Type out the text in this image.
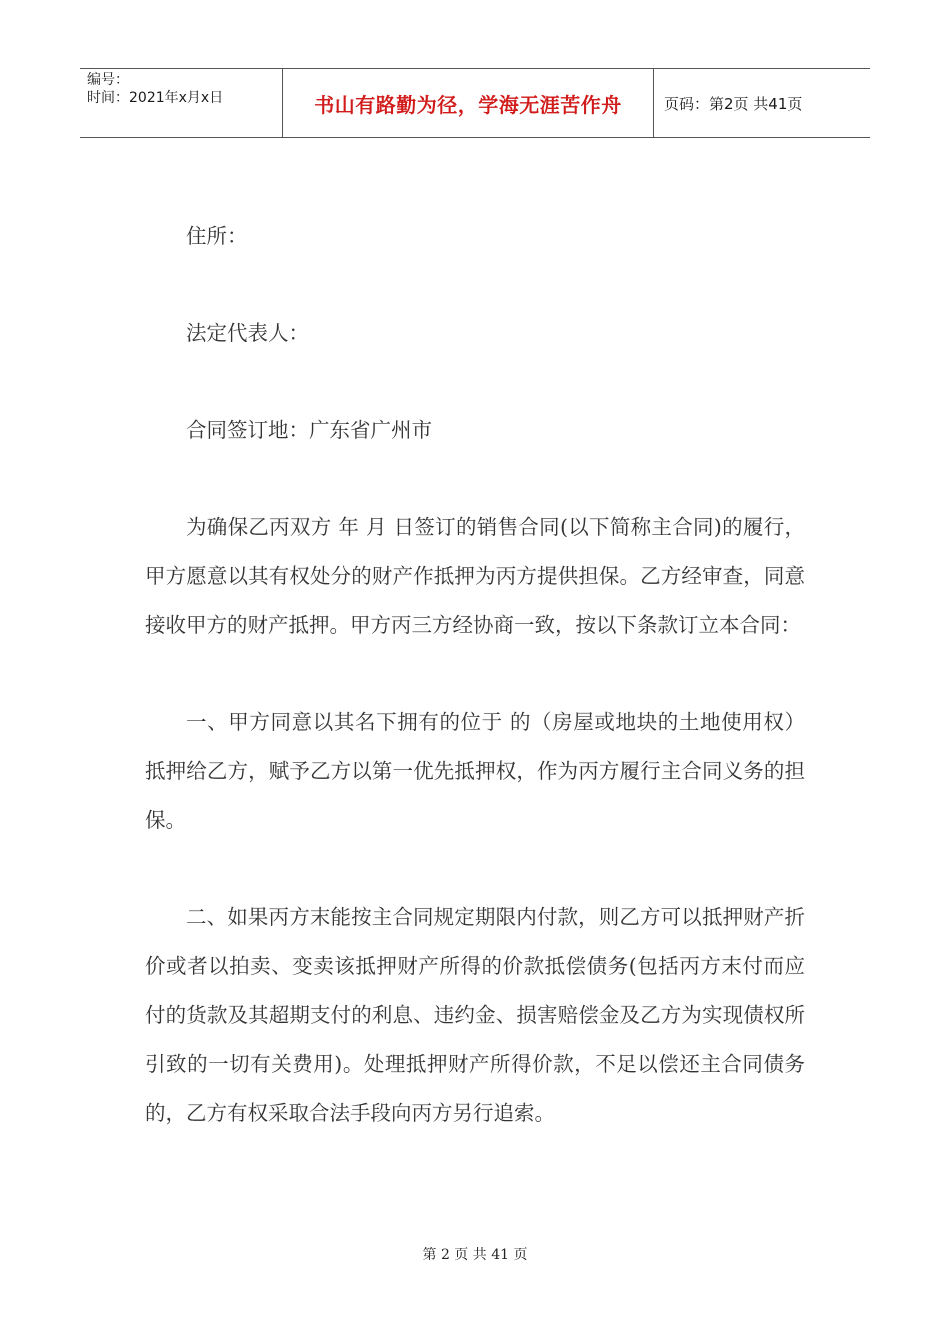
编号：
时间：2021年x月x日	书山有路勤为径，学海无涯苦作舟	页码：第2页 共41页

住所：

法定代表人：

合同签订地：广东省广州市

为确保乙丙双方 年 月 日签订的销售合同(以下简称主合同)的履行，甲方愿意以其有权处分的财产作抵押为丙方提供担保。乙方经审查，同意接收甲方的财产抵押。甲方丙三方经协商一致，按以下条款订立本合同：

一、甲方同意以其名下拥有的位于 的（房屋或地块的土地使用权）抵押给乙方，赋予乙方以第一优先抵押权，作为丙方履行主合同义务的担保。

二、如果丙方末能按主合同规定期限内付款，则乙方可以抵押财产折价或者以拍卖、变卖该抵押财产所得的价款抵偿债务(包括丙方末付而应付的货款及其超期支付的利息、违约金、损害赔偿金及乙方为实现债权所引致的一切有关费用)。处理抵押财产所得价款，不足以偿还主合同债务的，乙方有权采取合法手段向丙方另行追索。

第 2 页 共 41 页
